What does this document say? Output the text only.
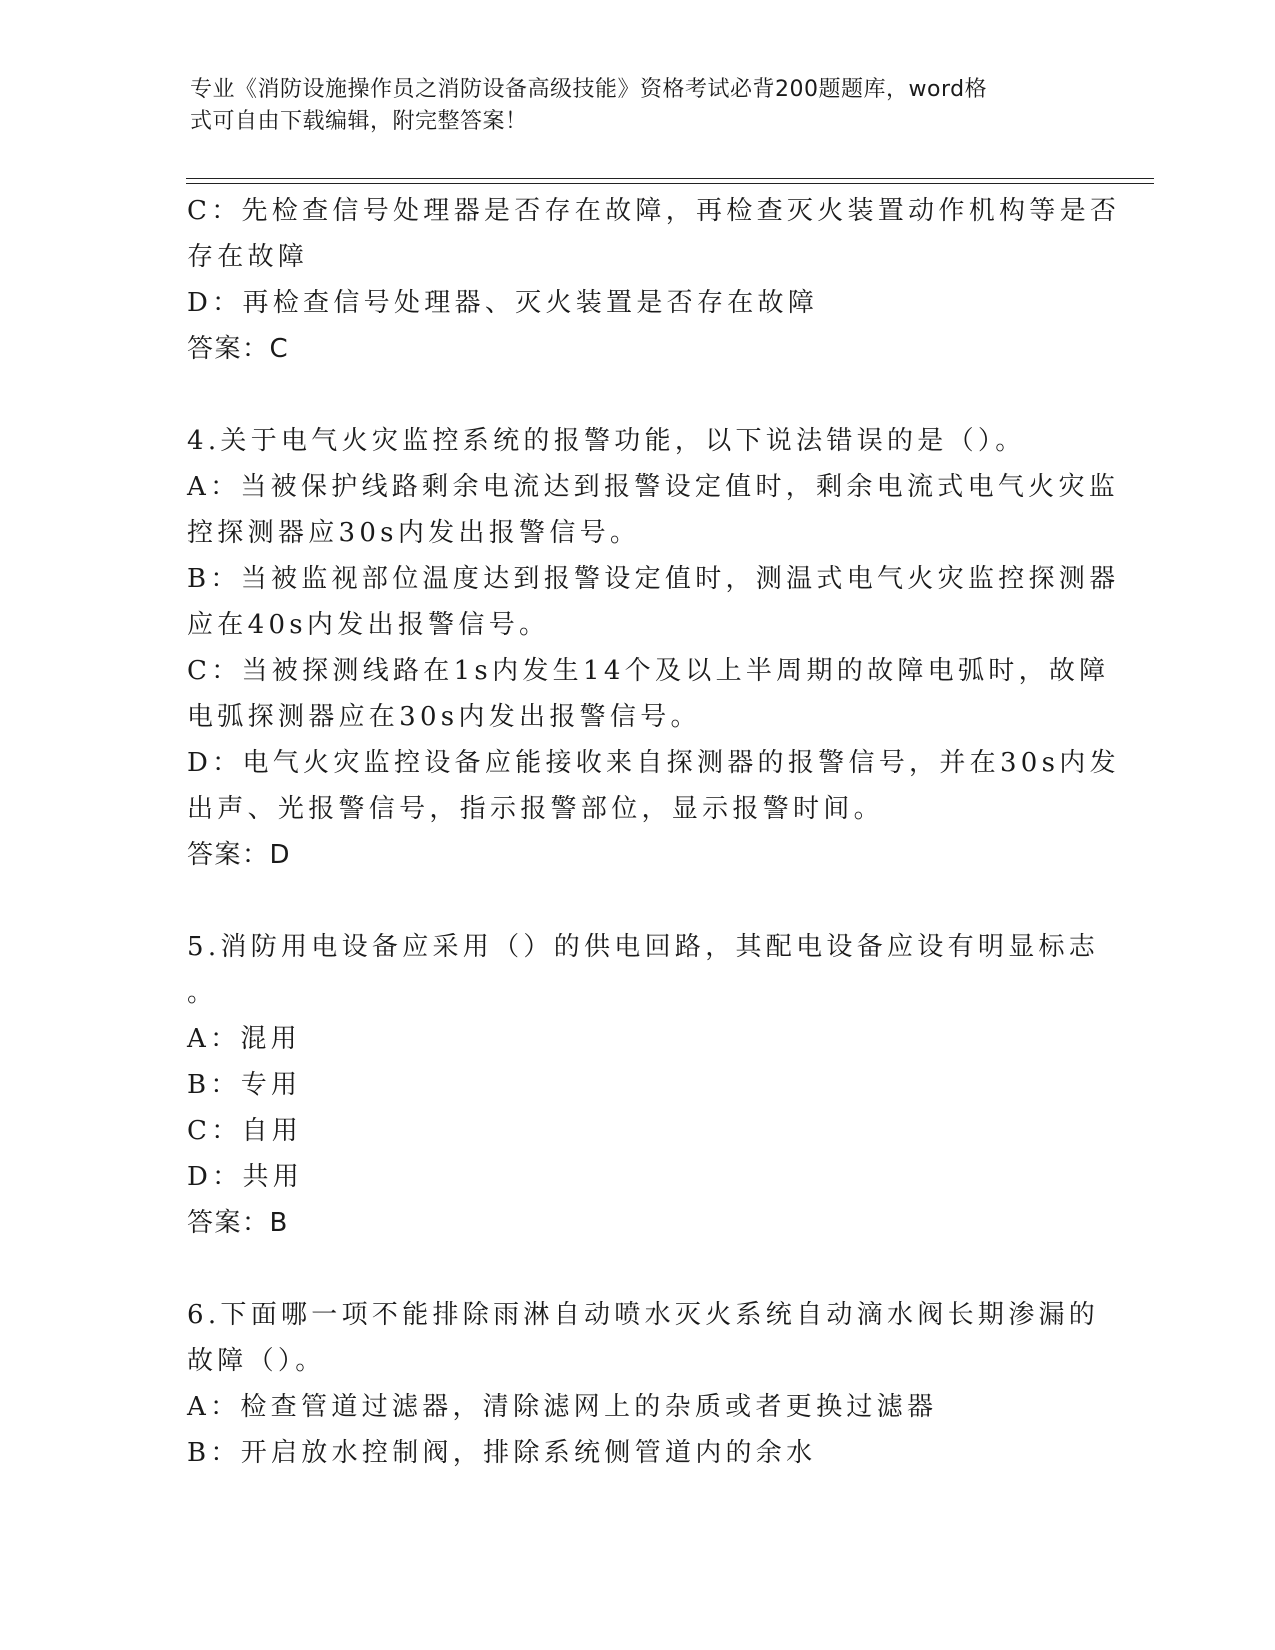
专业《消防设施操作员之消防设备高级技能》资格考试必背200题题库，word格
式可自由下载编辑，附完整答案！
C：先检查信号处理器是否存在故障，再检查灭火装置动作机构等是否
存在故障
D：再检查信号处理器、灭火装置是否存在故障
答案：C
4.关于电气火灾监控系统的报警功能，以下说法错误的是（）。
A：当被保护线路剩余电流达到报警设定值时，剩余电流式电气火灾监
控探测器应30s内发出报警信号。
B：当被监视部位温度达到报警设定值时，测温式电气火灾监控探测器
应在40s内发出报警信号。
C：当被探测线路在1s内发生14个及以上半周期的故障电弧时，故障
电弧探测器应在30s内发出报警信号。
D：电气火灾监控设备应能接收来自探测器的报警信号，并在30s内发
出声、光报警信号，指示报警部位，显示报警时间。
答案：D
5.消防用电设备应采用（）的供电回路，其配电设备应设有明显标志
。
A：混用
B：专用
C：自用
D：共用
答案：B
6.下面哪一项不能排除雨淋自动喷水灭火系统自动滴水阀长期渗漏的
故障（）。
A：检查管道过滤器，清除滤网上的杂质或者更换过滤器
B：开启放水控制阀，排除系统侧管道内的余水
